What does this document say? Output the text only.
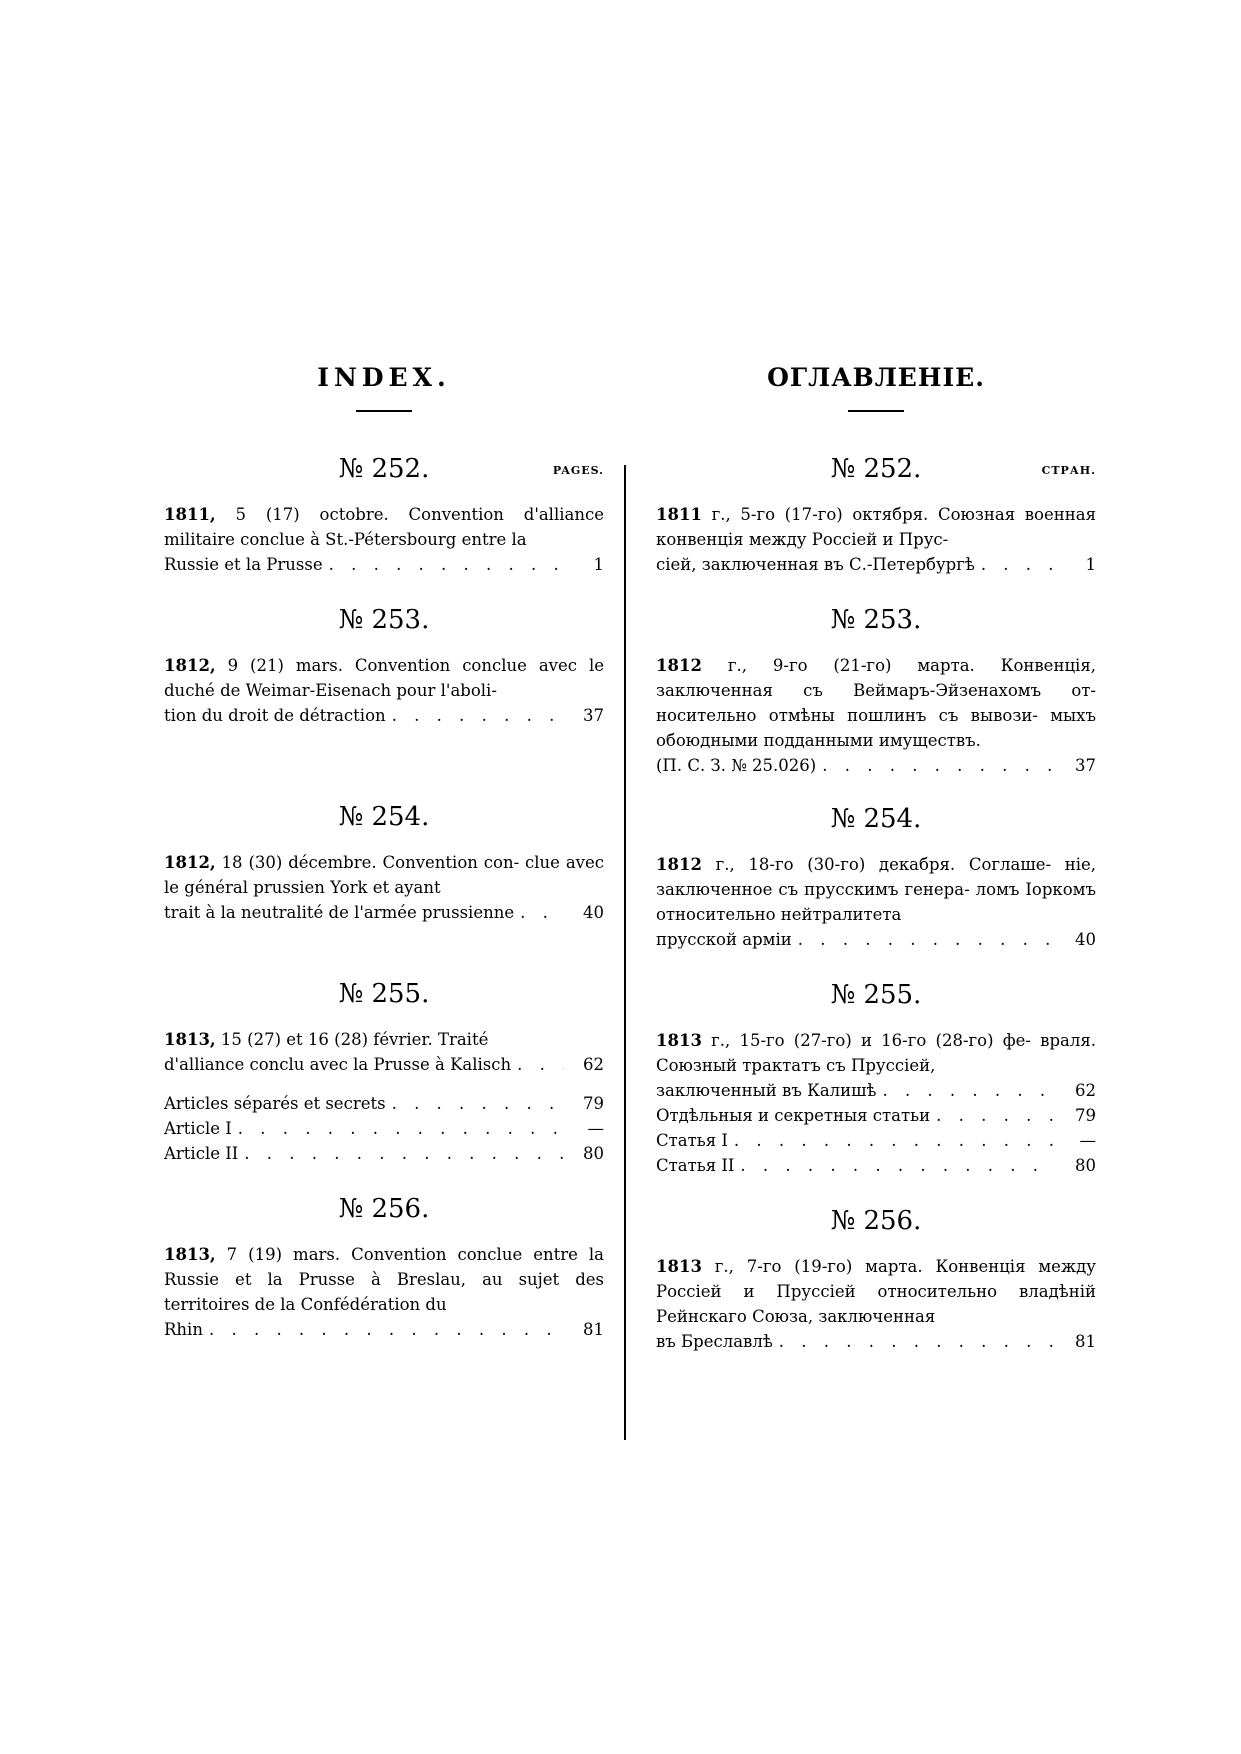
INDEX.
№ 252.	PAGES.
1811, 5 (17) octobre. Convention d'alliance militaire conclue à St.-Pétersbourg entre la
Russie et la Prusse . . .	1
№ 253.
1812, 9 (21) mars. Convention conclue avec le duché de Weimar-Eisenach pour l'aboli-
tion du droit de détraction . . .	37
№ 254.
1812, 18 (30) décembre. Convention con- clue avec le général prussien York et ayant
trait à la neutralité de l'armée prussienne . . .	40
№ 255.
1813, 15 (27) et 16 (28) février. Traité
d'alliance conclu avec la Prusse à Kalisch . . .	62
Articles séparés et secrets . . .	79
Article I . . .	—
Article II . . .	80
№ 256.
1813, 7 (19) mars. Convention conclue entre la Russie et la Prusse à Breslau, au sujet des territoires de la Confédération du
Rhin . . .	81
ОГЛАВЛЕНІЕ.
№ 252.	СТРАН.
1811 г., 5-го (17-го) октября. Союзная военная конвенція между Россіей и Прус-
сіей, заключенная въ С.-Петербургѣ . . .	1
№ 253.
1812 г., 9-го (21-го) марта. Конвенція, заключенная съ Веймаръ-Эйзенахомъ от- носительно отмѣны пошлинъ съ вывози- мыхъ обоюдными подданными имуществъ.
(П. С. З. № 25.026) . . .	37
№ 254.
1812 г., 18-го (30-го) декабря. Соглаше- ніе, заключенное съ прусскимъ генера- ломъ Іоркомъ относительно нейтралитета
прусской арміи . . .	40
№ 255.
1813 г., 15-го (27-го) и 16-го (28-го) фе- враля. Союзный трактатъ съ Пруссіей,
заключенный въ Калишѣ . . .	62
Отдѣльныя и секретныя статьи . . .	79
Статья I . . .	—
Статья II . . .	80
№ 256.
1813 г., 7-го (19-го) марта. Конвенція между Россіей и Пруссіей относительно владѣній Рейнскаго Союза, заключенная
въ Бреславлѣ . . .	81
